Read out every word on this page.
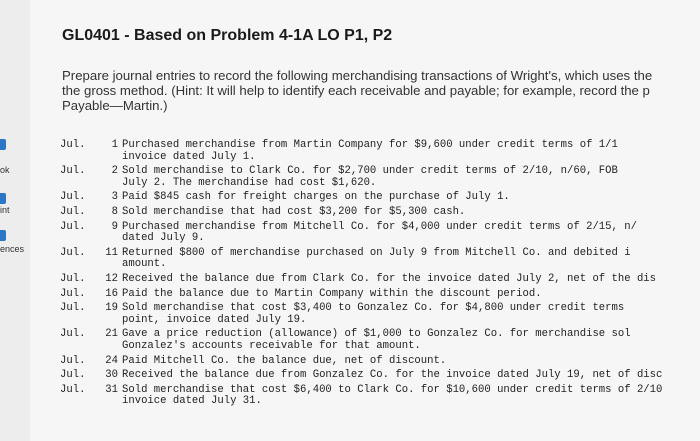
ok
int
ences
GL0401 - Based on Problem 4-1A LO P1, P2
Prepare journal entries to record the following merchandising transactions of Wright's, which uses the
the gross method. (Hint: It will help to identify each receivable and payable; for example, record the p
Payable—Martin.)
Jul. 1 Purchased merchandise from Martin Company for $9,600 under credit terms of 1/1
invoice dated July 1.
Jul. 2 Sold merchandise to Clark Co. for $2,700 under credit terms of 2/10, n/60, FOB
July 2. The merchandise had cost $1,620.
Jul. 3 Paid $845 cash for freight charges on the purchase of July 1.
Jul. 8 Sold merchandise that had cost $3,200 for $5,300 cash.
Jul. 9 Purchased merchandise from Mitchell Co. for $4,000 under credit terms of 2/15, n/
dated July 9.
Jul. 11 Returned $800 of merchandise purchased on July 9 from Mitchell Co. and debited i
amount.
Jul. 12 Received the balance due from Clark Co. for the invoice dated July 2, net of the dis
Jul. 16 Paid the balance due to Martin Company within the discount period.
Jul. 19 Sold merchandise that cost $3,400 to Gonzalez Co. for $4,800 under credit terms
point, invoice dated July 19.
Jul. 21 Gave a price reduction (allowance) of $1,000 to Gonzalez Co. for merchandise sol
Gonzalez's accounts receivable for that amount.
Jul. 24 Paid Mitchell Co. the balance due, net of discount.
Jul. 30 Received the balance due from Gonzalez Co. for the invoice dated July 19, net of disc
Jul. 31 Sold merchandise that cost $6,400 to Clark Co. for $10,600 under credit terms of 2/10
invoice dated July 31.
